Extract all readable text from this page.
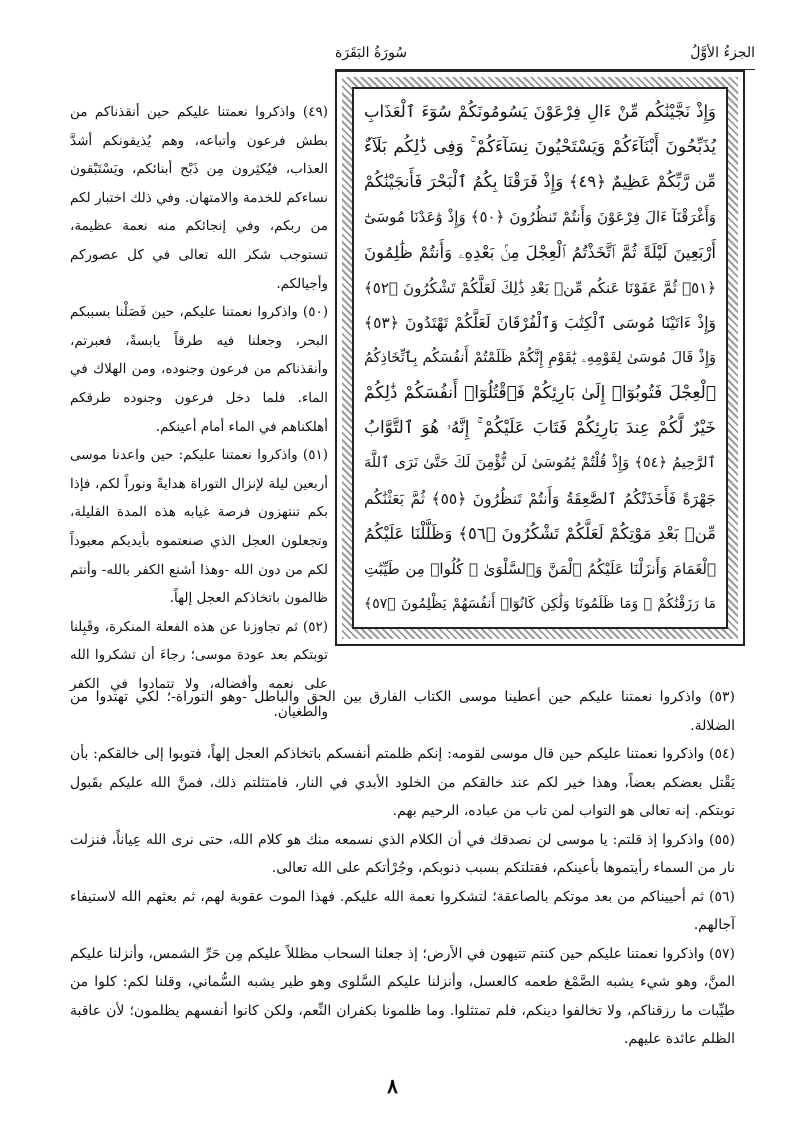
الجزءُ الأوَّلُ
سُورَةُ البَقَرَة
وَإِذْ نَجَّيْنَٰكُم مِّنْ ءَالِ فِرْعَوْنَ يَسُومُونَكُمْ سُوٓءَ ٱلْعَذَابِ
يُذَبِّحُونَ أَبْنَآءَكُمْ وَيَسْتَحْيُونَ نِسَآءَكُمْ ۚ وَفِى ذَٰلِكُم بَلَآءٌ
مِّن رَّبِّكُمْ عَظِيمٌ ﴿٤٩﴾ وَإِذْ فَرَقْنَا بِكُمُ ٱلْبَحْرَ فَأَنجَيْنَٰكُمْ
وَأَغْرَقْنَآ ءَالَ فِرْعَوْنَ وَأَنتُمْ تَنظُرُونَ ﴿٥٠﴾ وَإِذْ وَٰعَدْنَا مُوسَىٰٓ
أَرْبَعِينَ لَيْلَةً ثُمَّ ٱتَّخَذْتُمُ ٱلْعِجْلَ مِنۢ بَعْدِهِۦ وَأَنتُمْ ظَٰلِمُونَ
﴿٥١﴾ ثُمَّ عَفَوْنَا عَنكُم مِّنۢ بَعْدِ ذَٰلِكَ لَعَلَّكُمْ تَشْكُرُونَ ﴿٥٢﴾
وَإِذْ ءَاتَيْنَا مُوسَى ٱلْكِتَٰبَ وَٱلْفُرْقَانَ لَعَلَّكُمْ تَهْتَدُونَ ﴿٥٣﴾
وَإِذْ قَالَ مُوسَىٰ لِقَوْمِهِۦ يَٰقَوْمِ إِنَّكُمْ ظَلَمْتُمْ أَنفُسَكُم بِٱتِّخَاذِكُمُ
ٱلْعِجْلَ فَتُوبُوٓا۟ إِلَىٰ بَارِئِكُمْ فَٱقْتُلُوٓا۟ أَنفُسَكُمْ ذَٰلِكُمْ
خَيْرٌ لَّكُمْ عِندَ بَارِئِكُمْ فَتَابَ عَلَيْكُمْ ۚ إِنَّهُۥ هُوَ ٱلتَّوَّابُ
ٱلرَّحِيمُ ﴿٥٤﴾ وَإِذْ قُلْتُمْ يَٰمُوسَىٰ لَن نُّؤْمِنَ لَكَ حَتَّىٰ نَرَى ٱللَّهَ
جَهْرَةً فَأَخَذَتْكُمُ ٱلصَّٰعِقَةُ وَأَنتُمْ تَنظُرُونَ ﴿٥٥﴾ ثُمَّ بَعَثْنَٰكُم
مِّنۢ بَعْدِ مَوْتِكُمْ لَعَلَّكُمْ تَشْكُرُونَ ﴿٥٦﴾ وَظَلَّلْنَا عَلَيْكُمُ
ٱلْغَمَامَ وَأَنزَلْنَا عَلَيْكُمُ ٱلْمَنَّ وَٱلسَّلْوَىٰ ۖ كُلُوا۟ مِن طَيِّبَٰتِ
مَا رَزَقْنَٰكُمْ ۖ وَمَا ظَلَمُونَا وَلَٰكِن كَانُوٓا۟ أَنفُسَهُمْ يَظْلِمُونَ ﴿٥٧﴾

(٤٩) واذكروا نعمتنا عليكم حين أنقذناكم من بطش فرعون وأتباعه، وهم يُذيقونكم أشدَّ العذاب، فيُكثِرون مِن ذَبْح أبنائكم، ويَسْتَبْقون نساءكم للخدمة والامتهان. وفي ذلك اختبار لكم من ربكم، وفي إنجائكم منه نعمة عظيمة، تستوجب شكر الله تعالى في كل عصوركم وأجيالكم.

(٥٠) واذكروا نعمتنا عليكم، حين فَصَلْنا بسببكم البحر، وجعلنا فيه طرقاً يابسةً، فعبرتم، وأنقذناكم من فرعون وجنوده، ومن الهلاك في الماء. فلما دخل فرعون وجنوده طرقكم أهلكناهم في الماء أمام أعينكم.

(٥١) واذكروا نعمتنا عليكم: حين واعدنا موسى أربعين ليلة لإنزال التوراة هدايةً ونوراً لكم، فإذا بكم تنتهزون فرصة غيابه هذه المدة القليلة، وتجعلون العجل الذي صنعتموه بأيديكم معبوداً لكم من دون الله -وهذا أشنع الكفر بالله- وأنتم ظالمون باتخاذكم العجل إلهاً.

(٥٢) ثم تجاوزنا عن هذه الفعلة المنكرة، وقَبِلنا توبتكم بعد عودة موسى؛ رجاءَ أن تشكروا الله على نعمه وأفضاله، ولا تتمادوا في الكفر والطغيان.

(٥٣) واذكروا نعمتنا عليكم حين أعطينا موسى الكتاب الفارق بين الحق والباطل -وهو التوراة-؛ لكي تهتدوا من الضلالة.

(٥٤) واذكروا نعمتنا عليكم حين قال موسى لقومه: إنكم ظلمتم أنفسكم باتخاذكم العجل إلهاً، فتوبوا إلى خالقكم: بأن يَقْتل بعضكم بعضاً، وهذا خير لكم عند خالقكم من الخلود الأبدي في النار، فامتثلتم ذلك، فمنَّ الله عليكم بقَبول توبتكم. إنه تعالى هو التواب لمن تاب من عباده، الرحيم بهم.

(٥٥) واذكروا إذ قلتم: يا موسى لن نصدقك في أن الكلام الذي نسمعه منك هو كلام الله، حتى نرى الله عِياناً، فنزلت نار من السماء رأيتموها بأعينكم، فقتلتكم بسبب ذنوبكم، وجُرْأتكم على الله تعالى.

(٥٦) ثم أحييناكم من بعد موتكم بالصاعقة؛ لتشكروا نعمة الله عليكم. فهذا الموت عقوبة لهم، ثم بعثهم الله لاستيفاء آجالهم.

(٥٧) واذكروا نعمتنا عليكم حين كنتم تتيهون في الأرض؛ إذ جعلنا السحاب مظللاً عليكم مِن حَرِّ الشمس، وأنزلنا عليكم المنَّ، وهو شيء يشبه الصَّمْغ طعمه كالعسل، وأنزلنا عليكم السَّلوى وهو طير يشبه السُّماني، وقلنا لكم: كلوا من طيِّبات ما رزقناكم، ولا تخالفوا دينكم، فلم تمتثلوا. وما ظلمونا بكفران النِّعم، ولكن كانوا أنفسهم يظلمون؛ لأن عاقبة الظلم عائدة عليهم.

٨
